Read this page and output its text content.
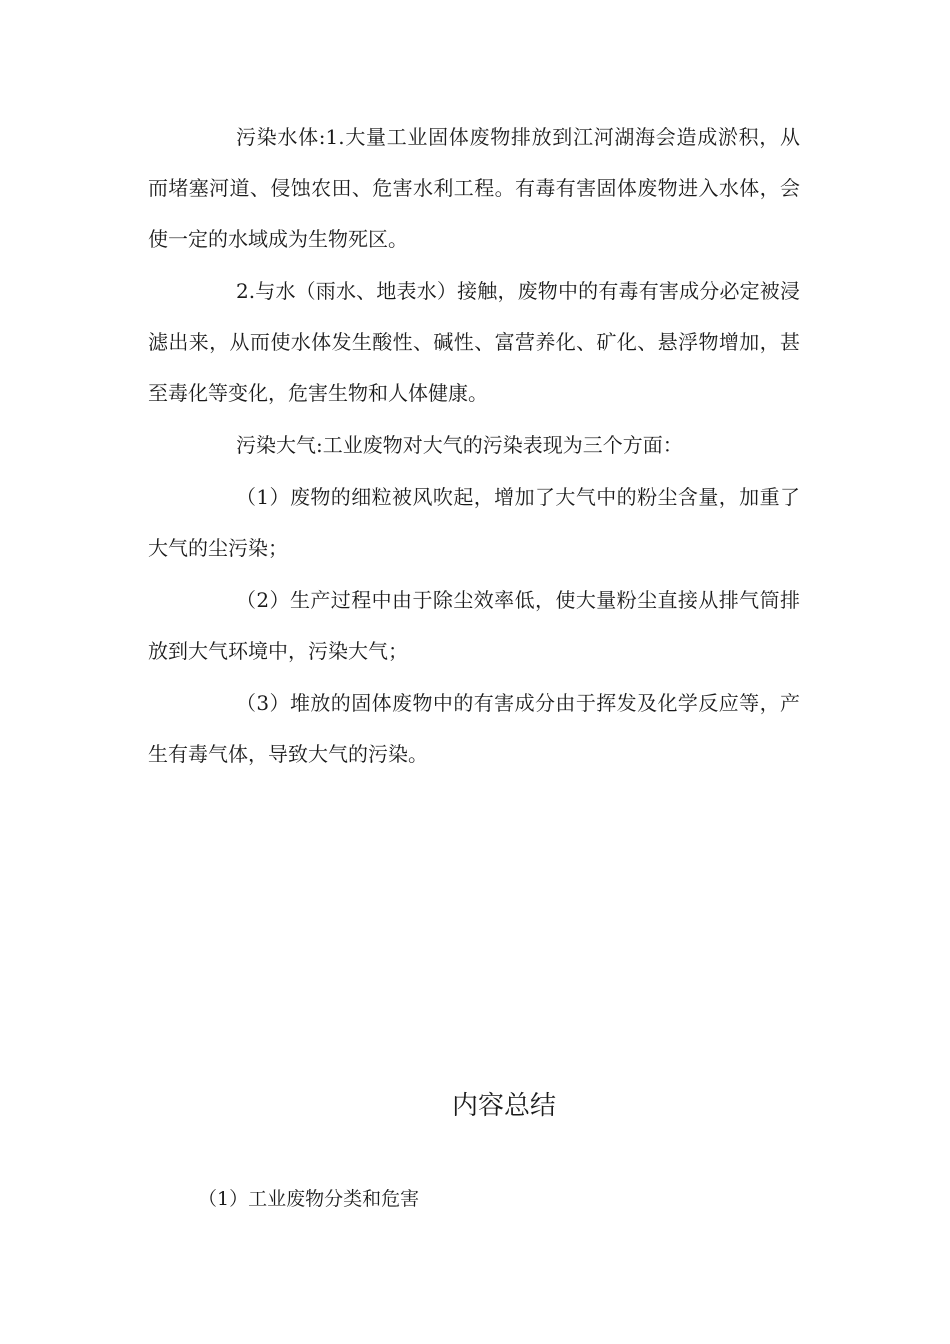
污染水体:1.大量工业固体废物排放到江河湖海会造成淤积，从而堵塞河道、侵蚀农田、危害水利工程。有毒有害固体废物进入水体，会使一定的水域成为生物死区。

2.与水（雨水、地表水）接触，废物中的有毒有害成分必定被浸滤出来，从而使水体发生酸性、碱性、富营养化、矿化、悬浮物增加，甚至毒化等变化，危害生物和人体健康。

污染大气:工业废物对大气的污染表现为三个方面：

（1）废物的细粒被风吹起，增加了大气中的粉尘含量，加重了大气的尘污染；

（2）生产过程中由于除尘效率低，使大量粉尘直接从排气筒排放到大气环境中，污染大气；

（3）堆放的固体废物中的有害成分由于挥发及化学反应等，产生有毒气体，导致大气的污染。

内容总结

（1）工业废物分类和危害
